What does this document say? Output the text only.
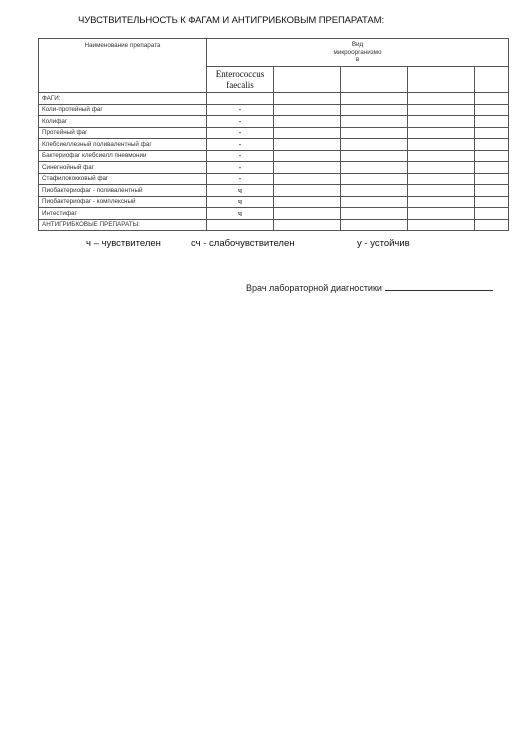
ЧУВСТВИТЕЛЬНОСТЬ К ФАГАМ И АНТИГРИБКОВЫМ ПРЕПАРАТАМ:
Наименование препарата	Вид
микроорганизмо
в				

	Enterococcus
faecalis				

ФАГИ:					
Коли-протейный фаг	-				
Колифаг	-				
Протейный фаг	-				
Клебсиеллезный поливалентный фаг	-				
Бактериофаг клебсиелл пневмонии	-				
Синегнойный фаг	-				
Стафилококковый фаг	-				
Пиобактериофаг - поливалентный	ч				
Пиобактериофаг - комплексный	ч				
Интестифаг	ч				
АНТИГРИБКОВЫЕ ПРЕПАРАТЫ:					
ч – чувствителен	сч - слабочувствителен	у - устойчив
Врач лабораторной диагностики
